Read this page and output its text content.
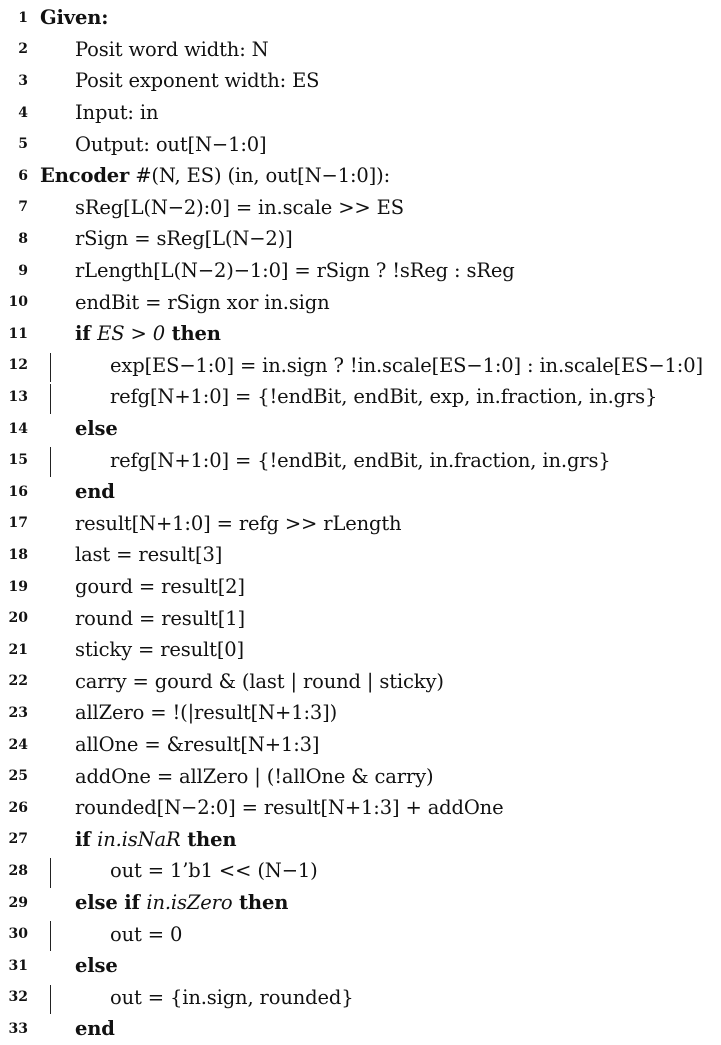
1 Given:
2 Posit word width: N
3 Posit exponent width: ES
4 Input: in
5 Output: out[N−1:0]
6 Encoder #(N, ES) (in, out[N−1:0]):
7 sReg[L(N−2):0] = in.scale >> ES
8 rSign = sReg[L(N−2)]
9 rLength[L(N−2)−1:0] = rSign ? !sReg : sReg
10 endBit = rSign xor in.sign
11 if ES > 0 then
12	exp[ES−1:0] = in.sign ? !in.scale[ES−1:0] : in.scale[ES−1:0]
13	refg[N+1:0] = {!endBit, endBit, exp, in.fraction, in.grs}
14 else
15	refg[N+1:0] = {!endBit, endBit, in.fraction, in.grs}
16 end
17 result[N+1:0] = refg >> rLength
18 last = result[3]
19 gourd = result[2]
20 round = result[1]
21 sticky = result[0]
22 carry = gourd & (last | round | sticky)
23 allZero = !(|result[N+1:3])
24 allOne = &result[N+1:3]
25 addOne = allZero | (!allOne & carry)
26 rounded[N−2:0] = result[N+1:3] + addOne
27 if in.isNaR then
28	out = 1’b1 << (N−1)
29 else if in.isZero then
30	out = 0
31 else
32	out = {in.sign, rounded}
33 end
